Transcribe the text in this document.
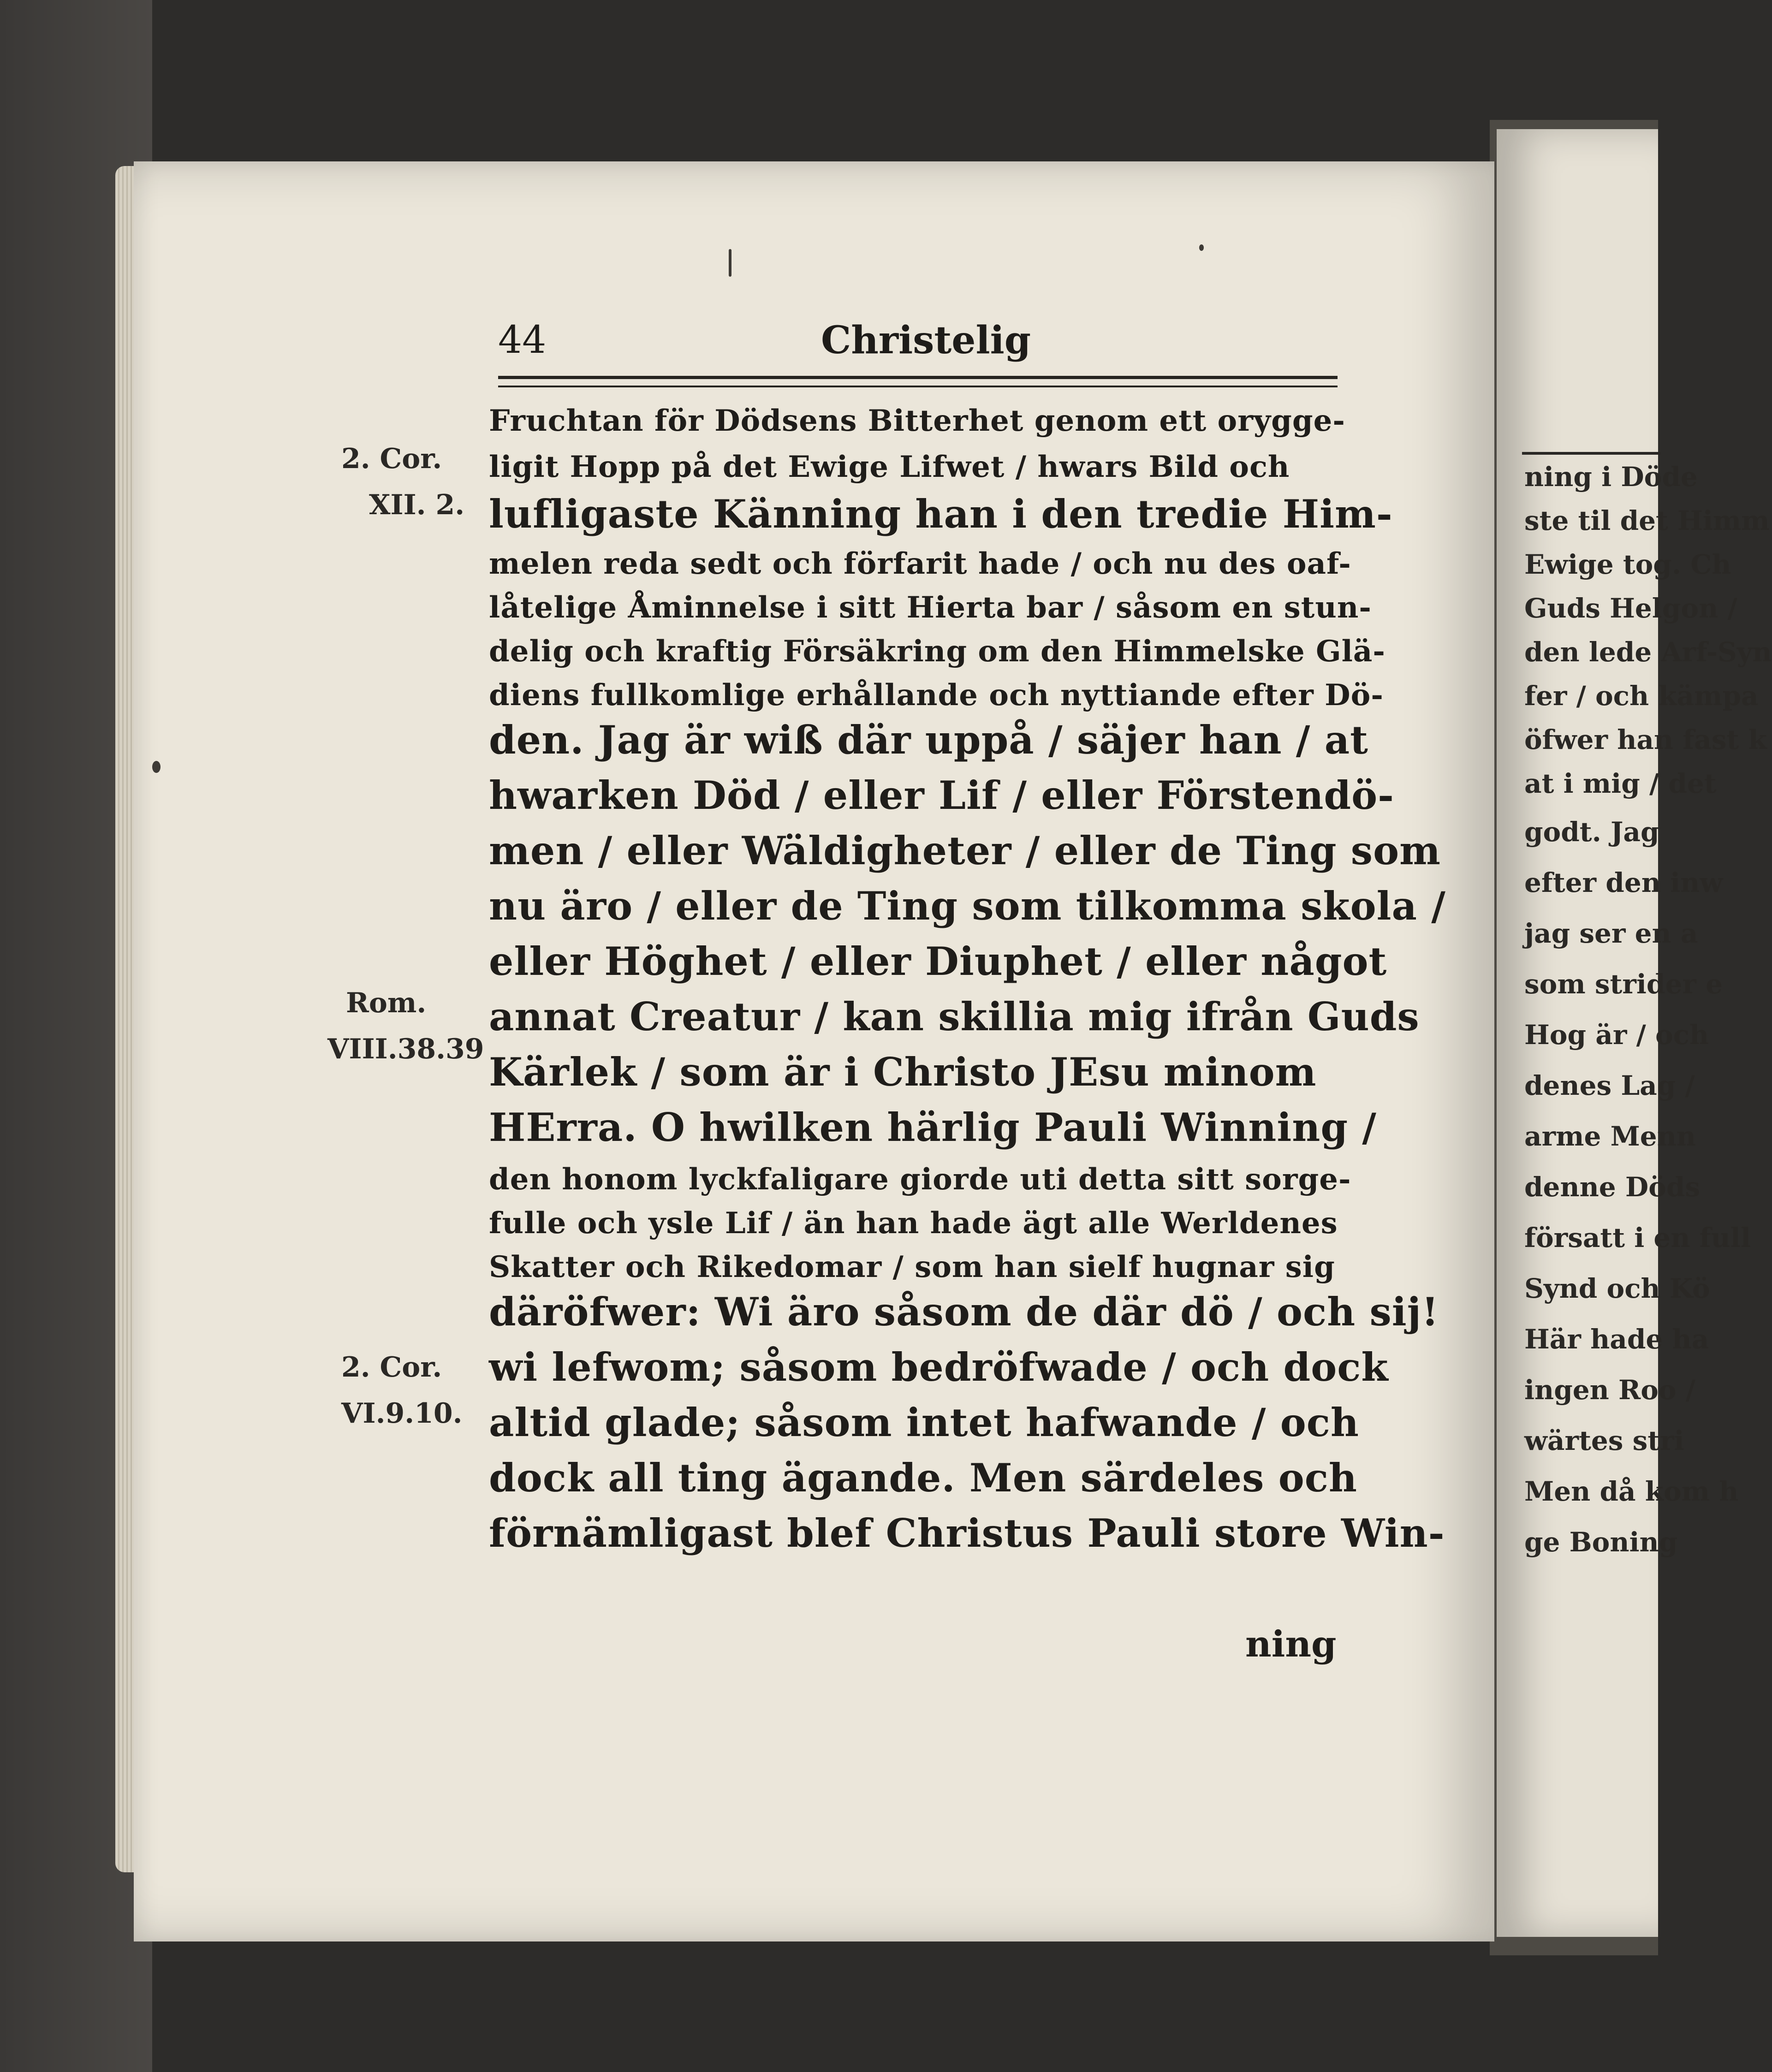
44	Christelig
2. Cor.
XII. 2.
Rom.
VIII.38.39
2. Cor.
VI.9.10.
Fruchtan för Dödsens Bitterhet genom ett orygge-
ligit Hopp på det Ewige Lifwet / hwars Bild och
lufligaste Känning han i den tredie Him-
melen reda sedt och förfarit hade / och nu des oaf-
låtelige Åminnelse i sitt Hierta bar / såsom en stun-
delig och kraftig Försäkring om den Himmelske Glä-
diens fullkomlige erhållande och nyttiande efter Dö-
den. Jag är wiß där uppå / säjer han / at
hwarken Död / eller Lif / eller Förstendö-
men / eller Wäldigheter / eller de Ting som
nu äro / eller de Ting som tilkomma skola /
eller Höghet / eller Diuphet / eller något
annat Creatur / kan skillia mig ifrån Guds
Kärlek / som är i Christo JEsu minom
HErra. O hwilken härlig Pauli Winning /
den honom lyckfaligare giorde uti detta sitt sorge-
fulle och ysle Lif / än han hade ägt alle Werldenes
Skatter och Rikedomar / som han sielf hugnar sig
däröfwer: Wi äro såsom de där dö / och sij!
wi lefwom; såsom bedröfwade / och dock
altid glade; såsom intet hafwande / och
dock all ting ägande. Men särdeles och
förnämligast blef Christus Pauli store Win-
ning
ning i Döde
ste til det Himm
Ewige tog. Ch
Guds Helgon /
den lede Arf-Syn
fer / och kämpa
öfwer han fast k
at i mig / det
godt. Jag
efter den inw
jag ser en a
som strider e
Hog är / och
denes Lag /
arme Menn
denne Döds
försatt i en full
Synd och Kö
Här hade ha
ingen Roo /
wärtes stri
Men då kom h
ge Boning
